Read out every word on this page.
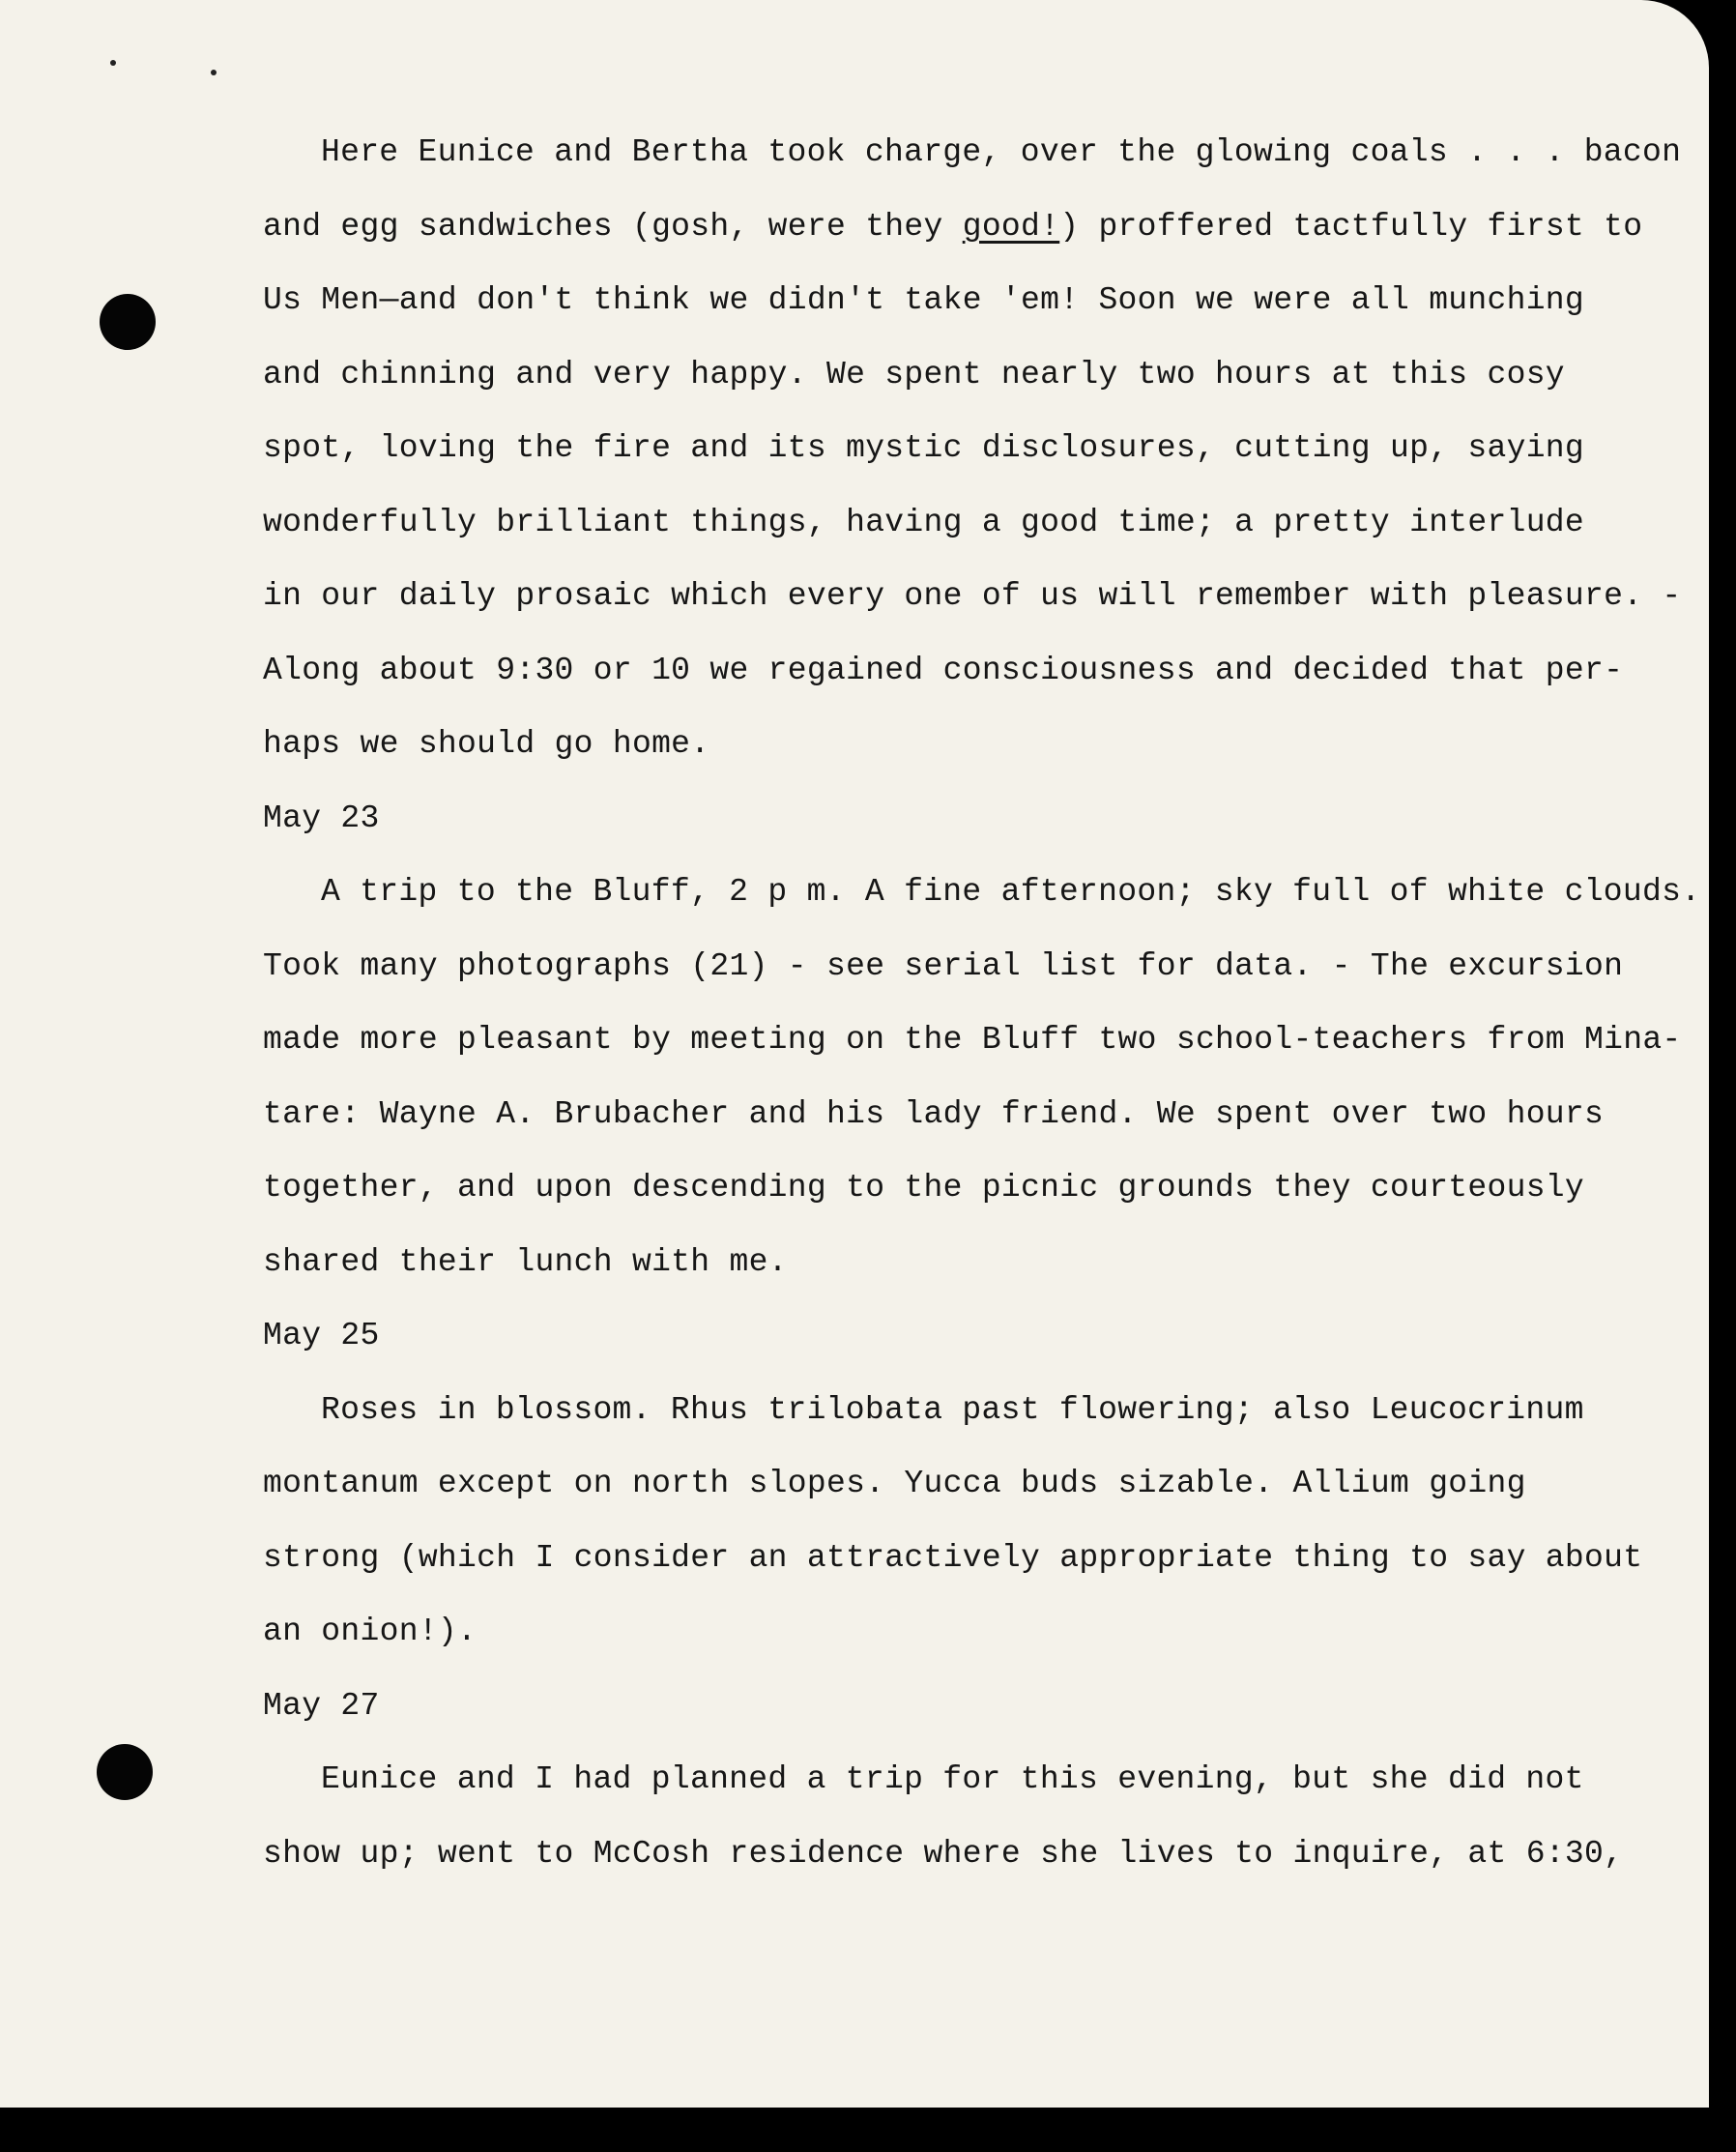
Here Eunice and Bertha took charge, over the glowing coals . . . bacon
and egg sandwiches (gosh, were they good!) proffered tactfully first to
Us Men—and don't think we didn't take 'em! Soon we were all munching
and chinning and very happy. We spent nearly two hours at this cosy
spot, loving the fire and its mystic disclosures, cutting up, saying
wonderfully brilliant things, having a good time; a pretty interlude
in our daily prosaic which every one of us will remember with pleasure. -
Along about 9:30 or 10 we regained consciousness and decided that per-
haps we should go home.
May 23
A trip to the Bluff, 2 p m. A fine afternoon; sky full of white clouds.
Took many photographs (21) - see serial list for data. - The excursion
made more pleasant by meeting on the Bluff two school-teachers from Mina-
tare: Wayne A. Brubacher and his lady friend. We spent over two hours
together, and upon descending to the picnic grounds they courteously
shared their lunch with me.
May 25
Roses in blossom. Rhus trilobata past flowering; also Leucocrinum
montanum except on north slopes. Yucca buds sizable. Allium going
strong (which I consider an attractively appropriate thing to say about
an onion!).
May 27
Eunice and I had planned a trip for this evening, but she did not
show up; went to McCosh residence where she lives to inquire, at 6:30,
